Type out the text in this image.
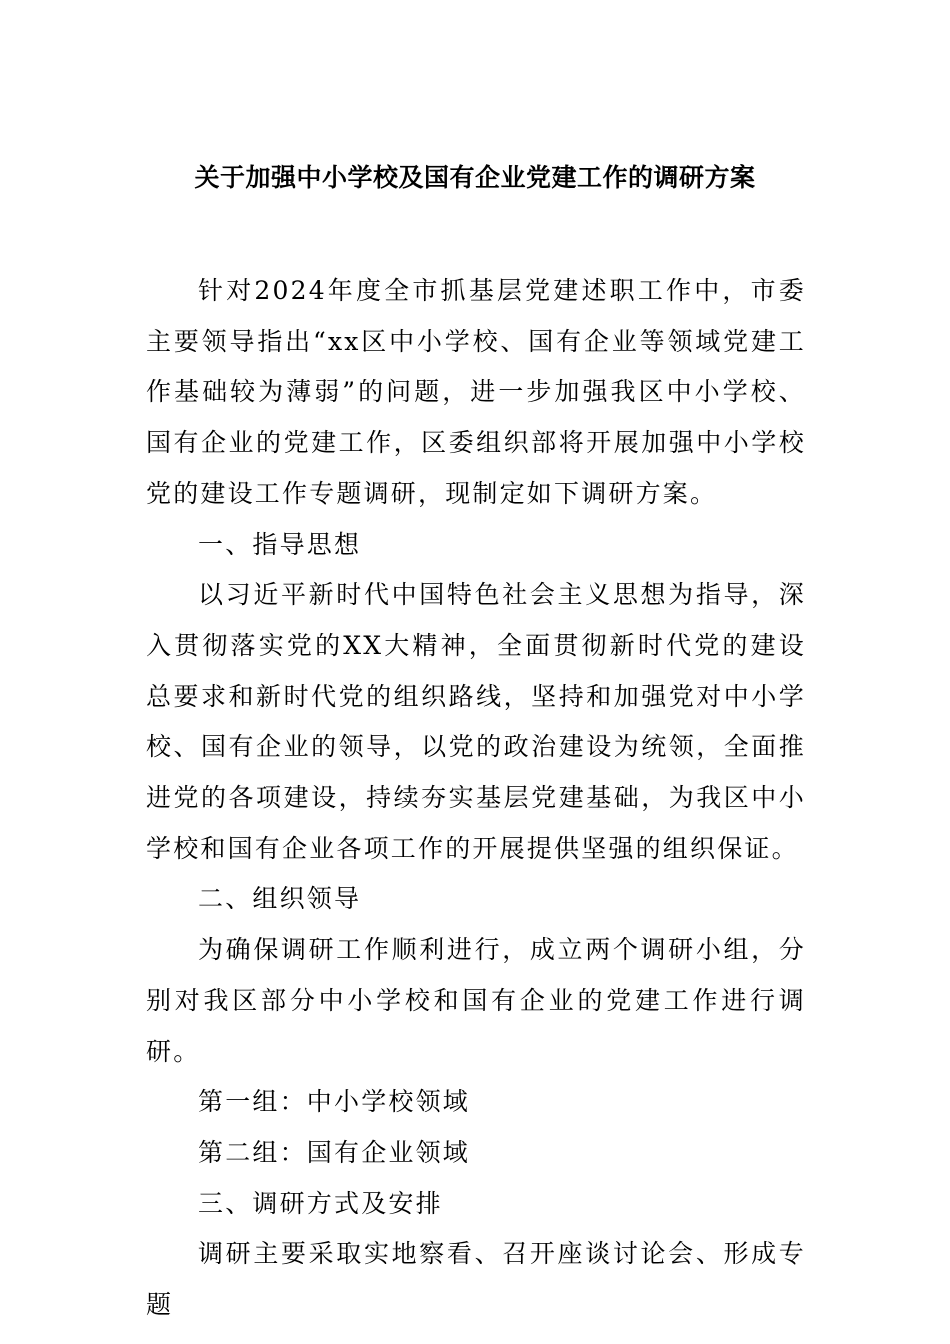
关于加强中小学校及国有企业党建工作的调研方案

针对2024年度全市抓基层党建述职工作中，市委主要领导指出“xx区中小学校、国有企业等领域党建工作基础较为薄弱”的问题，进一步加强我区中小学校、国有企业的党建工作，区委组织部将开展加强中小学校党的建设工作专题调研，现制定如下调研方案。

一、指导思想

以习近平新时代中国特色社会主义思想为指导，深入贯彻落实党的XX大精神，全面贯彻新时代党的建设总要求和新时代党的组织路线，坚持和加强党对中小学校、国有企业的领导，以党的政治建设为统领，全面推进党的各项建设，持续夯实基层党建基础，为我区中小学校和国有企业各项工作的开展提供坚强的组织保证。

二、组织领导

为确保调研工作顺利进行，成立两个调研小组，分别对我区部分中小学校和国有企业的党建工作进行调研。

第一组：中小学校领域

第二组：国有企业领域

三、调研方式及安排

调研主要采取实地察看、召开座谈讨论会、形成专题
